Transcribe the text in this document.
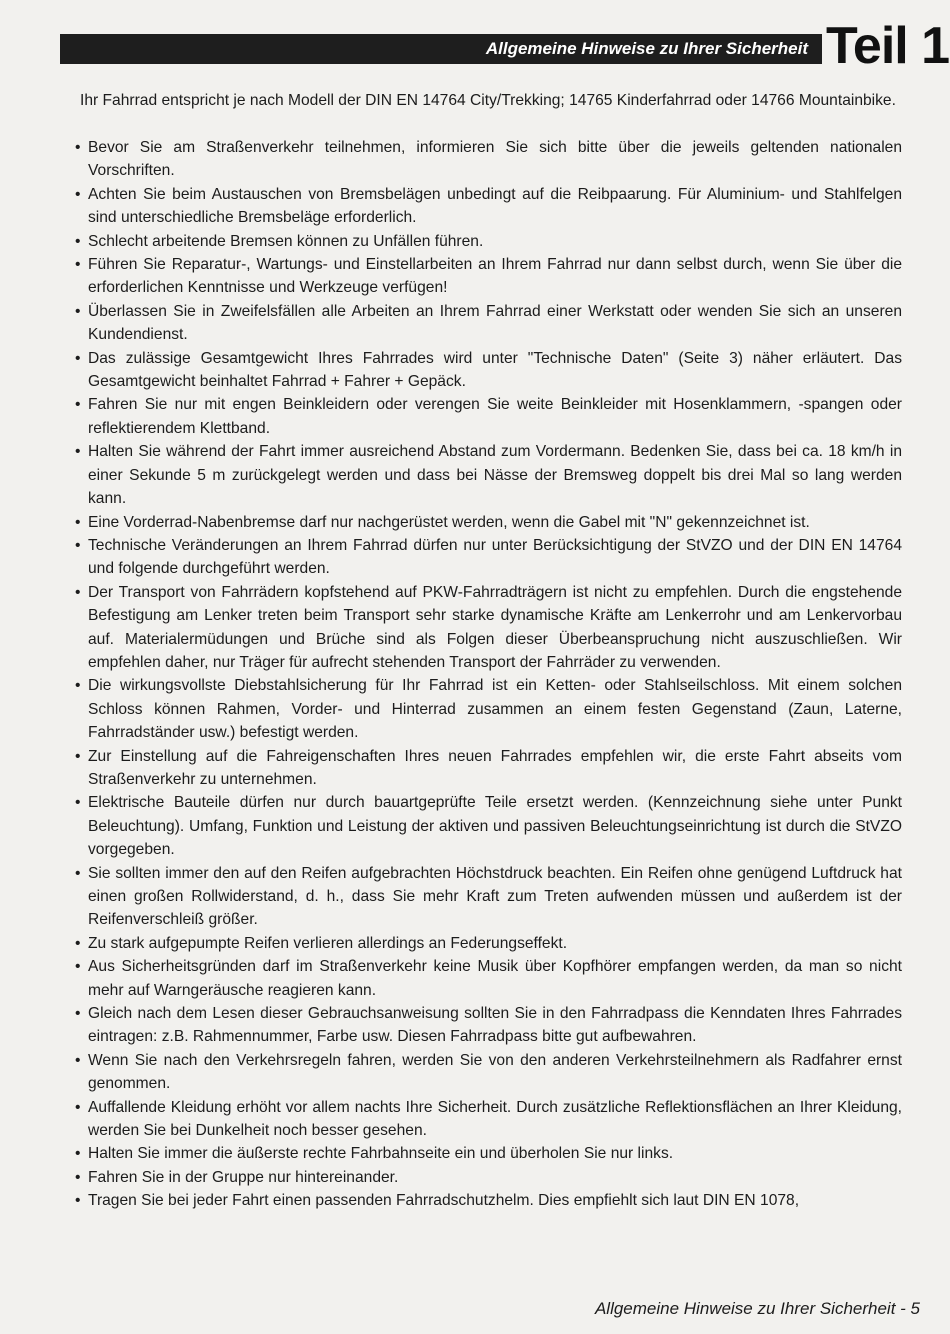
Allgemeine Hinweise zu Ihrer Sicherheit Teil 1

Ihr Fahrrad entspricht je nach Modell der DIN EN 14764 City/Trekking; 14765 Kinderfahrrad oder 14766 Mountainbike.

• Bevor Sie am Straßenverkehr teilnehmen, informieren Sie sich bitte über die jeweils geltenden nationalen Vorschriften.
• Achten Sie beim Austauschen von Bremsbelägen unbedingt auf die Reibpaarung. Für Aluminium- und Stahlfelgen sind unterschiedliche Bremsbeläge erforderlich.
• Schlecht arbeitende Bremsen können zu Unfällen führen.
• Führen Sie Reparatur-, Wartungs- und Einstellarbeiten an Ihrem Fahrrad nur dann selbst durch, wenn Sie über die erforderlichen Kenntnisse und Werkzeuge verfügen!
• Überlassen Sie in Zweifelsfällen alle Arbeiten an Ihrem Fahrrad einer Werkstatt oder wenden Sie sich an unseren Kundendienst.
• Das zulässige Gesamtgewicht Ihres Fahrrades wird unter "Technische Daten" (Seite 3) näher erläutert. Das Gesamtgewicht beinhaltet Fahrrad + Fahrer + Gepäck.
• Fahren Sie nur mit engen Beinkleidern oder verengen Sie weite Beinkleider mit Hosenklammern, -spangen oder reflektierendem Klettband.
• Halten Sie während der Fahrt immer ausreichend Abstand zum Vordermann. Bedenken Sie, dass bei ca. 18 km/h in einer Sekunde 5 m zurückgelegt werden und dass bei Nässe der Bremsweg doppelt bis drei Mal so lang werden kann.
• Eine Vorderrad-Nabenbremse darf nur nachgerüstet werden, wenn die Gabel mit "N" gekennzeichnet ist.
• Technische Veränderungen an Ihrem Fahrrad dürfen nur unter Berücksichtigung der StVZO und der DIN EN 14764 und folgende durchgeführt werden.
• Der Transport von Fahrrädern kopfstehend auf PKW-Fahrradträgern ist nicht zu empfehlen. Durch die engstehende Befestigung am Lenker treten beim Transport sehr starke dynamische Kräfte am Lenkerrohr und am Lenkervorbau auf. Materialermüdungen und Brüche sind als Folgen dieser Überbeanspruchung nicht auszuschließen. Wir empfehlen daher, nur Träger für aufrecht stehenden Transport der Fahrräder zu verwenden.
• Die wirkungsvollste Diebstahlsicherung für Ihr Fahrrad ist ein Ketten- oder Stahlseilschloss. Mit einem solchen Schloss können Rahmen, Vorder- und Hinterrad zusammen an einem festen Gegenstand (Zaun, Laterne, Fahrradständer usw.) befestigt werden.
• Zur Einstellung auf die Fahreigenschaften Ihres neuen Fahrrades empfehlen wir, die erste Fahrt abseits vom Straßenverkehr zu unternehmen.
• Elektrische Bauteile dürfen nur durch bauartgeprüfte Teile ersetzt werden. (Kennzeichnung siehe unter Punkt Beleuchtung). Umfang, Funktion und Leistung der aktiven und passiven Beleuchtungseinrichtung ist durch die StVZO vorgegeben.
• Sie sollten immer den auf den Reifen aufgebrachten Höchstdruck beachten. Ein Reifen ohne genügend Luftdruck hat einen großen Rollwiderstand, d. h., dass Sie mehr Kraft zum Treten aufwenden müssen und außerdem ist der Reifenverschleiß größer.
• Zu stark aufgepumpte Reifen verlieren allerdings an Federungseffekt.
• Aus Sicherheitsgründen darf im Straßenverkehr keine Musik über Kopfhörer empfangen werden, da man so nicht mehr auf Warngeräusche reagieren kann.
• Gleich nach dem Lesen dieser Gebrauchsanweisung sollten Sie in den Fahrradpass die Kenndaten Ihres Fahrrades eintragen: z.B. Rahmennummer, Farbe usw. Diesen Fahrradpass bitte gut aufbewahren.
• Wenn Sie nach den Verkehrsregeln fahren, werden Sie von den anderen Verkehrsteilnehmern als Radfahrer ernst genommen.
• Auffallende Kleidung erhöht vor allem nachts Ihre Sicherheit. Durch zusätzliche Reflektionsflächen an Ihrer Kleidung, werden Sie bei Dunkelheit noch besser gesehen.
• Halten Sie immer die äußerste rechte Fahrbahnseite ein und überholen Sie nur links.
• Fahren Sie in der Gruppe nur hintereinander.
• Tragen Sie bei jeder Fahrt einen passenden Fahrradschutzhelm. Dies empfiehlt sich laut DIN EN 1078,
Allgemeine Hinweise zu Ihrer Sicherheit - 5
